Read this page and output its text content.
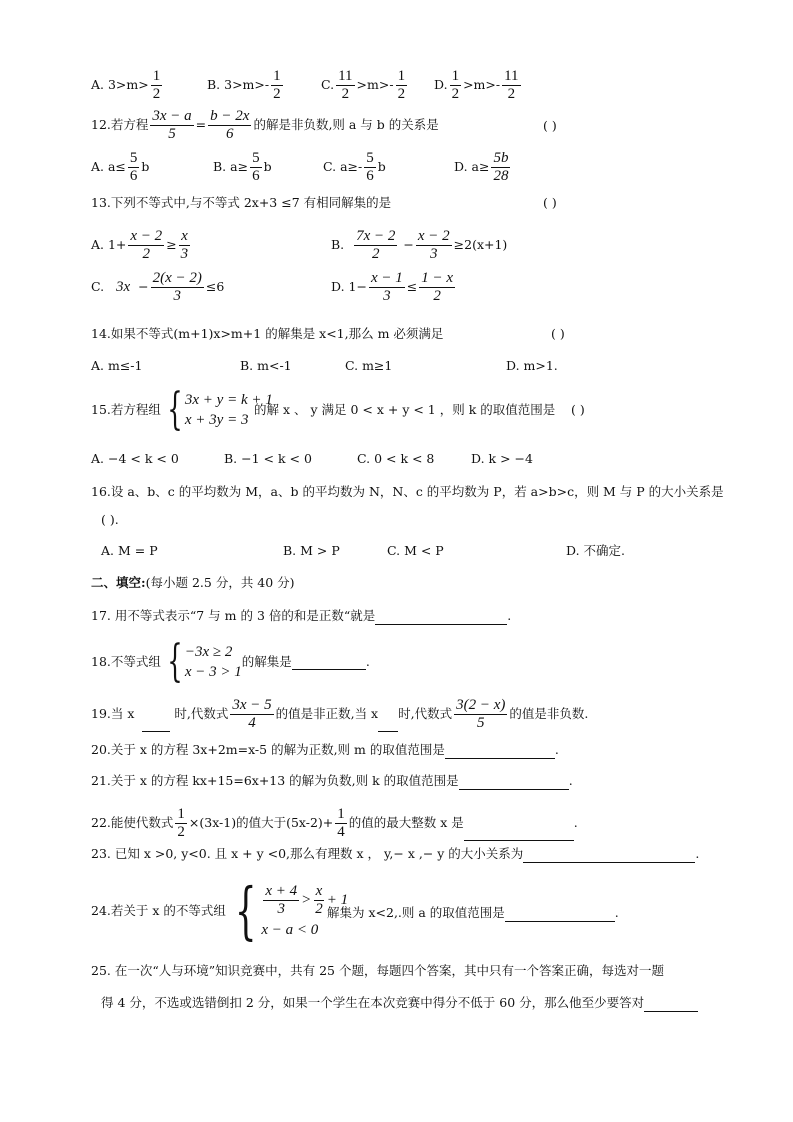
A. $3>m> \frac{1}{2}$	B. $3>m>- \frac{1}{2}$	C. $\frac{11}{2} >m>- \frac{1}{2} D$. $\frac{1}{2} >m>- \frac{11}{2}$
12.若方程 $\frac{3x - a}{5} = \frac{b - 2x}{6}$ 的解是非负数,则 a 与 b 的关系是	( )
A. $a\le \frac{5}{6}$ b	B. $a\ge \frac{5}{6}$ b	C. $a\ge- \frac{5}{6}$ b	D. $a\ge \frac{5b}{28}$
13.下列不等式中,与不等式 2x+3 ≤7 有相同解集的是	( )
A. $1+ \frac{x - 2}{2} \ge \frac{x}{3}$	B. $\frac{7x - 2}{2} - \frac{x - 2}{3} \ge 2(x+1)$
C. $3x - \frac{2(x - 2)}{3} \le 6$	D. $1- \frac{x - 1}{3} \le \frac{1 - x}{2}$
14.如果不等式(m+1)x>m+1 的解集是 x<1,那么 m 必须满足	( )
A. m≤-1	B. m<-1	C. m≥1	D. m>1.
15.若方程组 { 3x + y = k + 1
x + 3y = 3
的解 x 、 y 满足 0 < x + y < 1 ，则 k 的取值范围是 ( )
A. −4 < k < 0	B. −1 < k < 0	C. 0 < k < 8	D. k > −4
16.设 a、b、c 的平均数为 M，a、b 的平均数为 N，N、c 的平均数为 P，若 a>b>c，则 M 与 P 的大小关系是
( ).
A. M = P	B. M > P	C. M < P	D. 不确定.
二、填空:(每小题 2.5 分，共 40 分)
17. 用不等式表示“7 与 m 的 3 倍的和是正数“就是	.
18.不等式组 { −3x ≥ 2
x − 3 > 1
的解集是	.
19.当 x	时,代数式 $\frac{3x - 5}{4}$ 的值是非正数,当 x 时,代数式 $\frac{3(2 - x)}{5}$ 的值是非负数.
20.关于 x 的方程 3x+2m=x-5 的解为正数,则 m 的取值范围是	.
21.关于 x 的方程 kx+15=6x+13 的解为负数,则 k 的取值范围是	.
22.能使代数式 $\frac{1}{2} \times(3x-1)$的值大于$(5x-2)+ \frac{1}{4}$ 的值的最大整数 x 是	.
23. 已知 x >0, y<0. 且 x + y <0,那么有理数 x ， y,− x ,− y 的大小关系为	.
24.若关于 x 的不等式组 { $\frac{x + 4}{3} > \frac{x}{2} + 1$
x − a < 0
解集为 x<2,.则 a 的取值范围是	.
25. 在一次“人与环境”知识竞赛中，共有 25 个题，每题四个答案，其中只有一个答案正确，每选对一题
得 4 分，不选或选错倒扣 2 分，如果一个学生在本次竞赛中得分不低于 60 分，那么他至少要答对
